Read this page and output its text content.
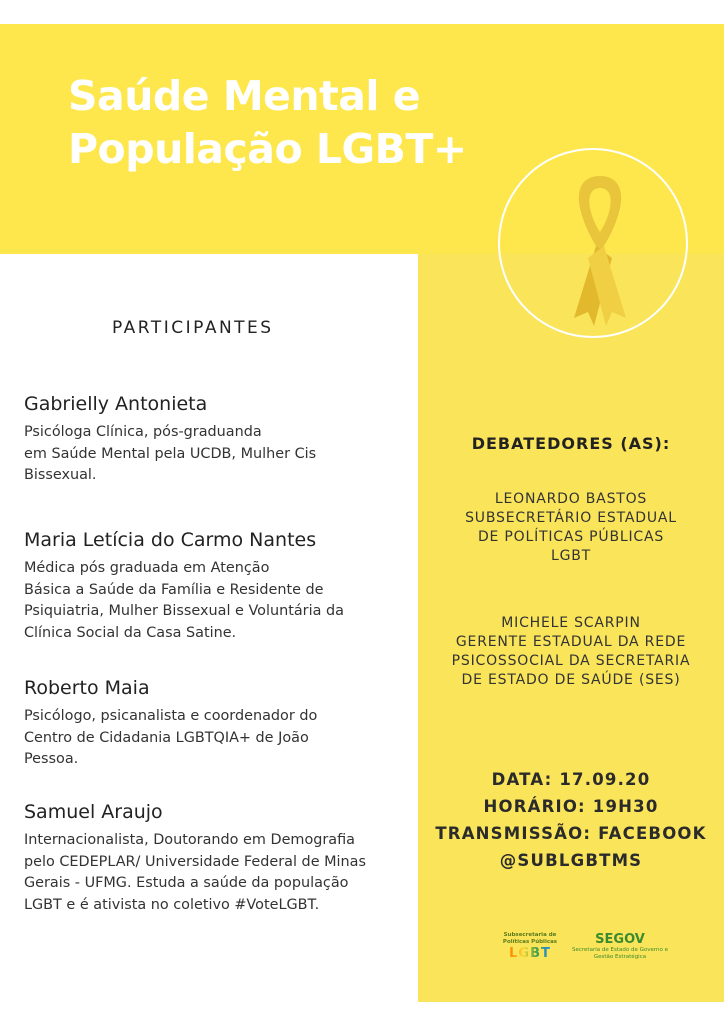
Saúde Mental e
População LGBT+
PARTICIPANTES

Gabrielly Antonieta

Psicóloga Clínica, pós-graduanda
em Saúde Mental pela UCDB, Mulher Cis
Bissexual.

Maria Letícia do Carmo Nantes

Médica pós graduada em Atenção
Básica a Saúde da Família e Residente de
Psiquiatria, Mulher Bissexual e Voluntária da
Clínica Social da Casa Satine.

Roberto Maia

Psicólogo, psicanalista e coordenador do
Centro de Cidadania LGBTQIA+ de João
Pessoa.

Samuel Araujo

Internacionalista, Doutorando em Demografia
pelo CEDEPLAR/ Universidade Federal de Minas
Gerais - UFMG. Estuda a saúde da população
LGBT e é ativista no coletivo #VoteLGBT.

DEBATEDORES (AS):
LEONARDO BASTOS
SUBSECRETÁRIO ESTADUAL
DE POLÍTICAS PÚBLICAS
LGBT
MICHELE SCARPIN
GERENTE ESTADUAL DA REDE
PSICOSSOCIAL DA SECRETARIA
DE ESTADO DE SAÚDE (SES)
DATA: 17.09.20
HORÁRIO: 19H30
TRANSMISSÃO: FACEBOOK
@SUBLGBTMS
Subsecretaria de Políticas Públicas
LGBT
SEGOV
Secretaria de Estado de Governo e Gestão Estratégica
